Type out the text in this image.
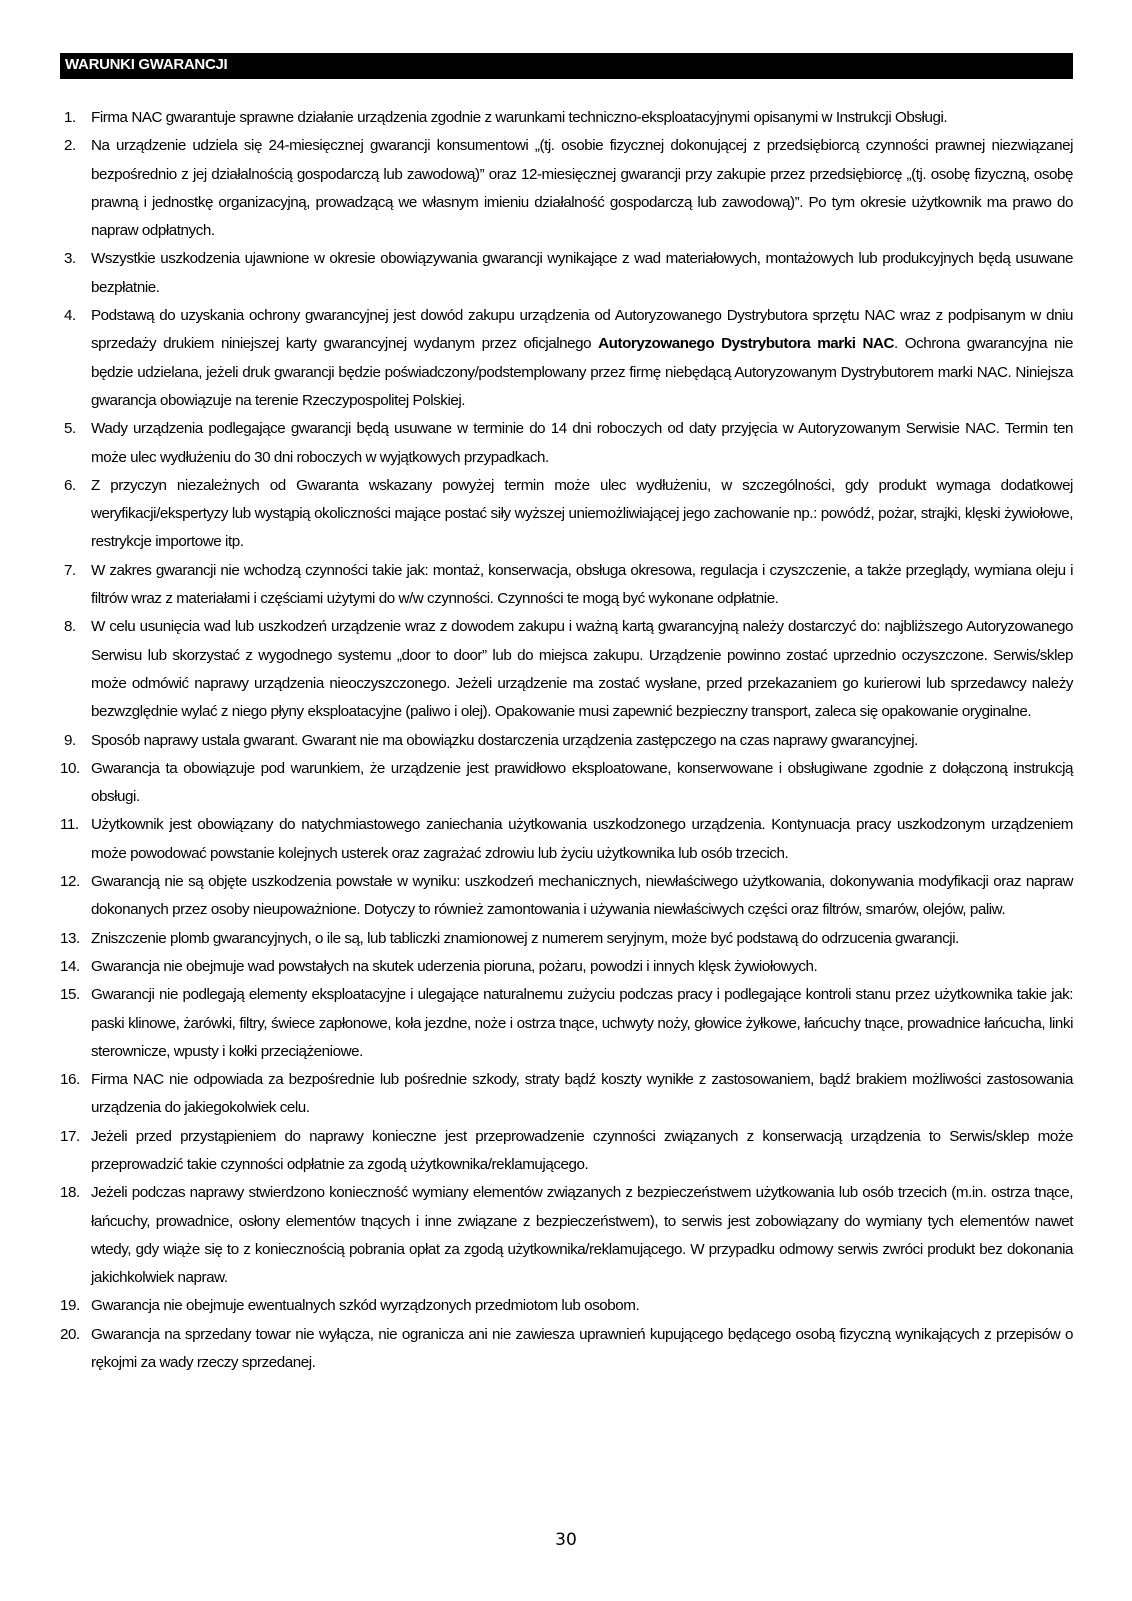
WARUNKI GWARANCJI
1. Firma NAC gwarantuje sprawne działanie urządzenia zgodnie z warunkami techniczno-eksploatacyjnymi opisanymi w Instrukcji Obsługi.
2. Na urządzenie udziela się 24-miesięcznej gwarancji konsumentowi „(tj. osobie fizycznej dokonującej z przedsiębiorcą czynności prawnej niezwiązanej bezpośrednio z jej działalnością gospodarczą lub zawodową)” oraz 12-miesięcznej gwarancji przy zakupie przez przedsiębiorcę „(tj. osobę fizyczną, osobę prawną i jednostkę organizacyjną, prowadzącą we własnym imieniu działalność gospodarczą lub zawodową)”. Po tym okresie użytkownik ma prawo do napraw odpłatnych.
3. Wszystkie uszkodzenia ujawnione w okresie obowiązywania gwarancji wynikające z wad materiałowych, montażowych lub produkcyjnych będą usuwane bezpłatnie.
4. Podstawą do uzyskania ochrony gwarancyjnej jest dowód zakupu urządzenia od Autoryzowanego Dystrybutora sprzętu NAC wraz z podpisanym w dniu sprzedaży drukiem niniejszej karty gwarancyjnej wydanym przez oficjalnego Autoryzowanego Dystrybutora marki NAC. Ochrona gwarancyjna nie będzie udzielana, jeżeli druk gwarancji będzie poświadczony/podstemplowany przez firmę niebędącą Autoryzowanym Dystrybutorem marki NAC. Niniejsza gwarancja obowiązuje na terenie Rzeczypospolitej Polskiej.
5. Wady urządzenia podlegające gwarancji będą usuwane w terminie do 14 dni roboczych od daty przyjęcia w Autoryzowanym Serwisie NAC. Termin ten może ulec wydłużeniu do 30 dni roboczych w wyjątkowych przypadkach.
6. Z przyczyn niezależnych od Gwaranta wskazany powyżej termin może ulec wydłużeniu, w szczególności, gdy produkt wymaga dodatkowej weryfikacji/ekspertyzy lub wystąpią okoliczności mające postać siły wyższej uniemożliwiającej jego zachowanie np.: powódź, pożar, strajki, klęski żywiołowe, restrykcje importowe itp.
7. W zakres gwarancji nie wchodzą czynności takie jak: montaż, konserwacja, obsługa okresowa, regulacja i czyszczenie, a także przeglądy, wymiana oleju i filtrów wraz z materiałami i częściami użytymi do w/w czynności. Czynności te mogą być wykonane odpłatnie.
8. W celu usunięcia wad lub uszkodzeń urządzenie wraz z dowodem zakupu i ważną kartą gwarancyjną należy dostarczyć do: najbliższego Autoryzowanego Serwisu lub skorzystać z wygodnego systemu „door to door” lub do miejsca zakupu. Urządzenie powinno zostać uprzednio oczyszczone. Serwis/sklep może odmówić naprawy urządzenia nieoczyszczonego. Jeżeli urządzenie ma zostać wysłane, przed przekazaniem go kurierowi lub sprzedawcy należy bezwzględnie wylać z niego płyny eksploatacyjne (paliwo i olej). Opakowanie musi zapewnić bezpieczny transport, zaleca się opakowanie oryginalne.
9. Sposób naprawy ustala gwarant. Gwarant nie ma obowiązku dostarczenia urządzenia zastępczego na czas naprawy gwarancyjnej.
10. Gwarancja ta obowiązuje pod warunkiem, że urządzenie jest prawidłowo eksploatowane, konserwowane i obsługiwane zgodnie z dołączoną instrukcją obsługi.
11. Użytkownik jest obowiązany do natychmiastowego zaniechania użytkowania uszkodzonego urządzenia. Kontynuacja pracy uszkodzonym urządzeniem może powodować powstanie kolejnych usterek oraz zagrażać zdrowiu lub życiu użytkownika lub osób trzecich.
12. Gwarancją nie są objęte uszkodzenia powstałe w wyniku: uszkodzeń mechanicznych, niewłaściwego użytkowania, dokonywania modyfikacji oraz napraw dokonanych przez osoby nieupoważnione. Dotyczy to również zamontowania i używania niewłaściwych części oraz filtrów, smarów, olejów, paliw.
13. Zniszczenie plomb gwarancyjnych, o ile są, lub tabliczki znamionowej z numerem seryjnym, może być podstawą do odrzucenia gwarancji.
14. Gwarancja nie obejmuje wad powstałych na skutek uderzenia pioruna, pożaru, powodzi i innych klęsk żywiołowych.
15. Gwarancji nie podlegają elementy eksploatacyjne i ulegające naturalnemu zużyciu podczas pracy i podlegające kontroli stanu przez użytkownika takie jak: paski klinowe, żarówki, filtry, świece zapłonowe, koła jezdne, noże i ostrza tnące, uchwyty noży, głowice żyłkowe, łańcuchy tnące, prowadnice łańcucha, linki sterownicze, wpusty i kołki przeciążeniowe.
16. Firma NAC nie odpowiada za bezpośrednie lub pośrednie szkody, straty bądź koszty wynikłe z zastosowaniem, bądź brakiem możliwości zastosowania urządzenia do jakiegokolwiek celu.
17. Jeżeli przed przystąpieniem do naprawy konieczne jest przeprowadzenie czynności związanych z konserwacją urządzenia to Serwis/sklep może przeprowadzić takie czynności odpłatnie za zgodą użytkownika/reklamującego.
18. Jeżeli podczas naprawy stwierdzono konieczność wymiany elementów związanych z bezpieczeństwem użytkowania lub osób trzecich (m.in. ostrza tnące, łańcuchy, prowadnice, osłony elementów tnących i inne związane z bezpieczeństwem), to serwis jest zobowiązany do wymiany tych elementów nawet wtedy, gdy wiąże się to z koniecznością pobrania opłat za zgodą użytkownika/reklamującego. W przypadku odmowy serwis zwróci produkt bez dokonania jakichkolwiek napraw.
19. Gwarancja nie obejmuje ewentualnych szkód wyrządzonych przedmiotom lub osobom.
20. Gwarancja na sprzedany towar nie wyłącza, nie ogranicza ani nie zawiesza uprawnień kupującego będącego osobą fizyczną wynikających z przepisów o rękojmi za wady rzeczy sprzedanej.
30
